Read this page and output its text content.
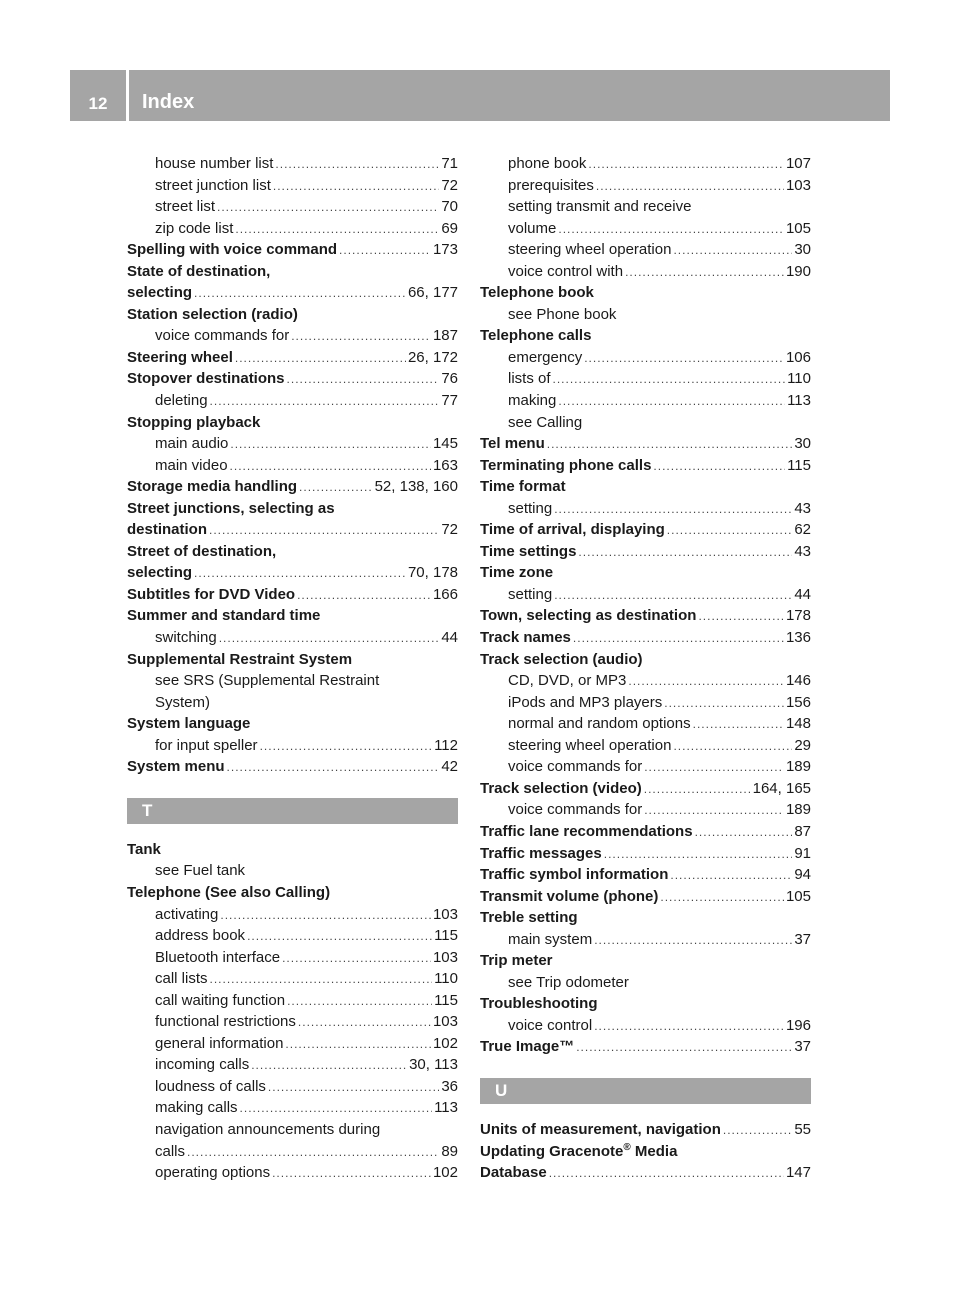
12	Index
house number list .....	71
street junction list .....	72
street list .....	70
zip code list .....	69
Spelling with voice command .....	173
State of destination,
selecting .....	66, 177
Station selection (radio)
voice commands for .....	187
Steering wheel .....	26, 172
Stopover destinations .....	76
deleting .....	77
Stopping playback
main audio .....	145
main video .....	163
Storage media handling .....	52, 138, 160
Street junctions, selecting as
destination .....	72
Street of destination,
selecting .....	70, 178
Subtitles for DVD Video .....	166
Summer and standard time
switching .....	44
Supplemental Restraint System
see SRS (Supplemental Restraint
System)
System language
for input speller .....	112
System menu .....	42
T
Tank
see Fuel tank
Telephone (See also Calling)
activating .....	103
address book .....	115
Bluetooth interface .....	103
call lists .....	110
call waiting function .....	115
functional restrictions .....	103
general information .....	102
incoming calls .....	30, 113
loudness of calls .....	36
making calls .....	113
navigation announcements during
calls .....	89
operating options .....	102
phone book .....	107
prerequisites .....	103
setting transmit and receive
volume .....	105
steering wheel operation .....	30
voice control with .....	190
Telephone book
see Phone book
Telephone calls
emergency .....	106
lists of .....	110
making .....	113
see Calling
Tel menu .....	30
Terminating phone calls .....	115
Time format
setting .....	43
Time of arrival, displaying .....	62
Time settings .....	43
Time zone
setting .....	44
Town, selecting as destination .....	178
Track names .....	136
Track selection (audio)
CD, DVD, or MP3 .....	146
iPods and MP3 players .....	156
normal and random options .....	148
steering wheel operation .....	29
voice commands for .....	189
Track selection (video) .....	164, 165
voice commands for .....	189
Traffic lane recommendations .....	87
Traffic messages .....	91
Traffic symbol information .....	94
Transmit volume (phone) .....	105
Treble setting
main system .....	37
Trip meter
see Trip odometer
Troubleshooting
voice control .....	196
True Image™ .....	37
U
Units of measurement, navigation .....	55
Updating Gracenote® Media
Database .....	147
